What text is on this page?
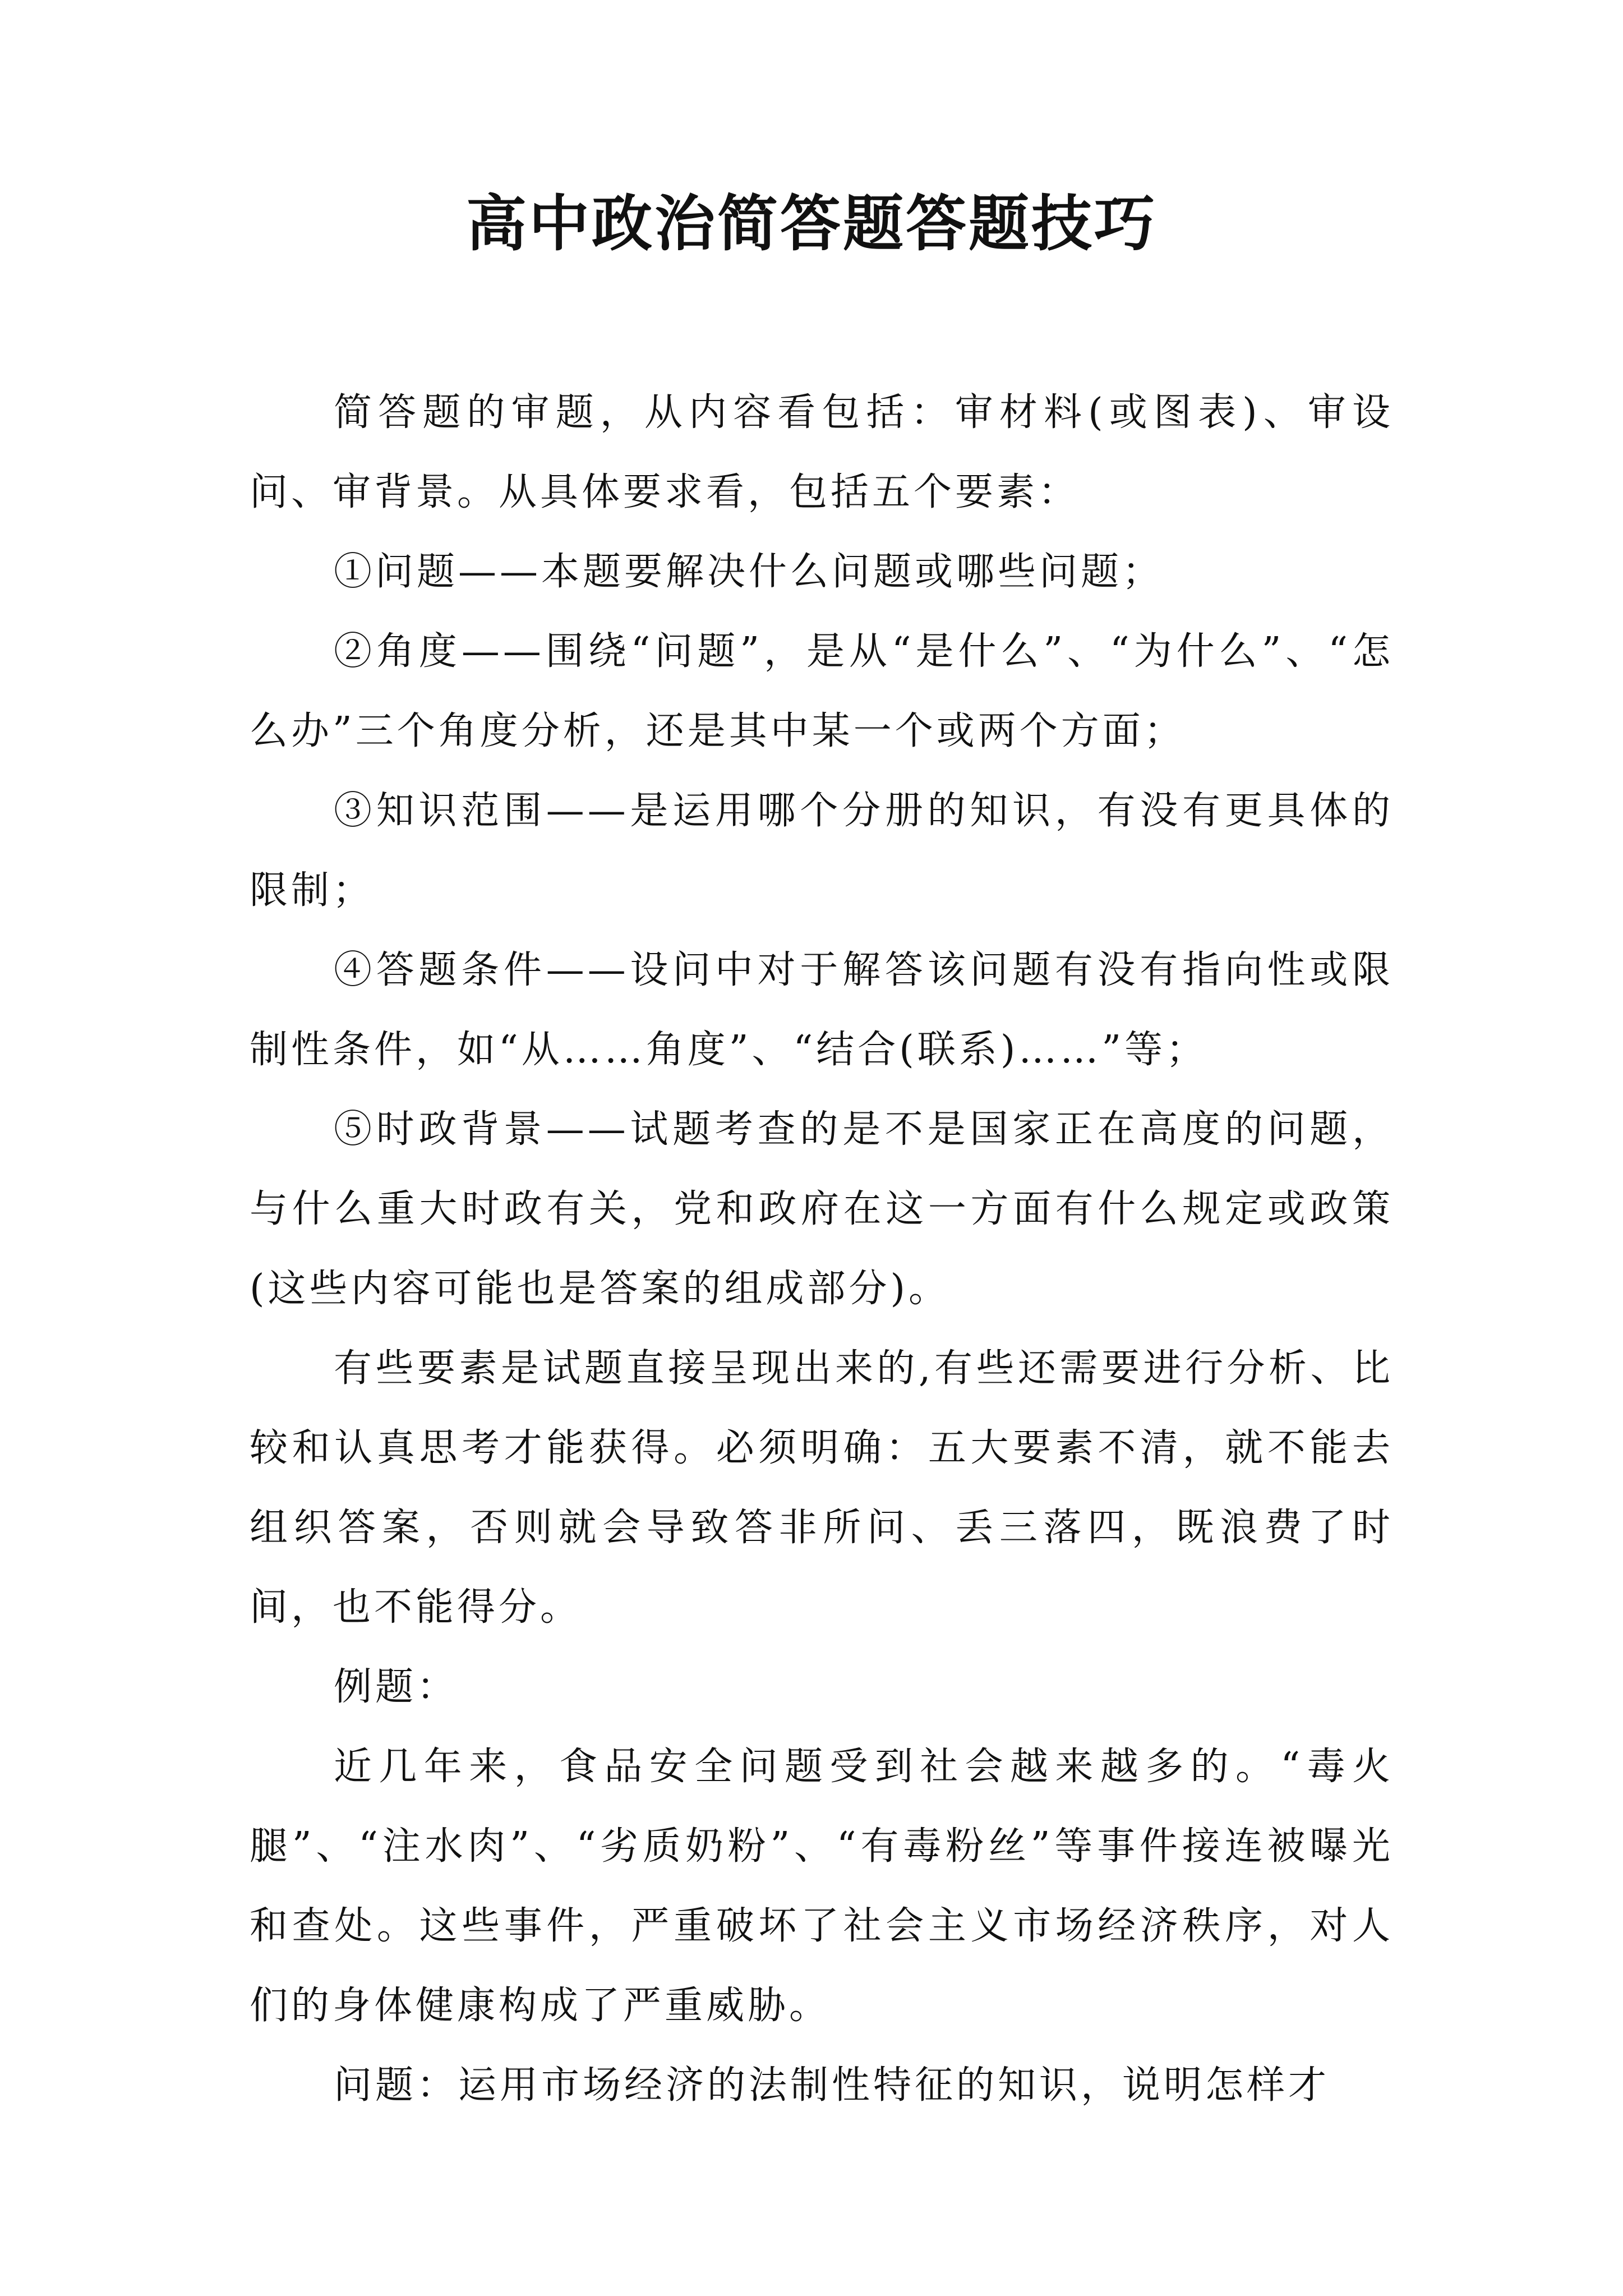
高中政治简答题答题技巧

简答题的审题，从内容看包括：审材料(或图表)、审设问、审背景。从具体要求看，包括五个要素：

①问题——本题要解决什么问题或哪些问题；

②角度——围绕“问题”，是从“是什么”、“为什么”、“怎么办”三个角度分析，还是其中某一个或两个方面；

③知识范围——是运用哪个分册的知识，有没有更具体的限制；

④答题条件——设问中对于解答该问题有没有指向性或限制性条件，如“从……角度”、“结合(联系)……”等；

⑤时政背景——试题考查的是不是国家正在高度的问题，与什么重大时政有关，党和政府在这一方面有什么规定或政策(这些内容可能也是答案的组成部分)。

有些要素是试题直接呈现出来的,有些还需要进行分析、比较和认真思考才能获得。必须明确：五大要素不清，就不能去组织答案，否则就会导致答非所问、丢三落四，既浪费了时间，也不能得分。

例题：

近几年来，食品安全问题受到社会越来越多的。“毒火腿”、“注水肉”、“劣质奶粉”、“有毒粉丝”等事件接连被曝光和查处。这些事件，严重破坏了社会主义市场经济秩序，对人们的身体健康构成了严重威胁。

问题：运用市场经济的法制性特征的知识，说明怎样才
